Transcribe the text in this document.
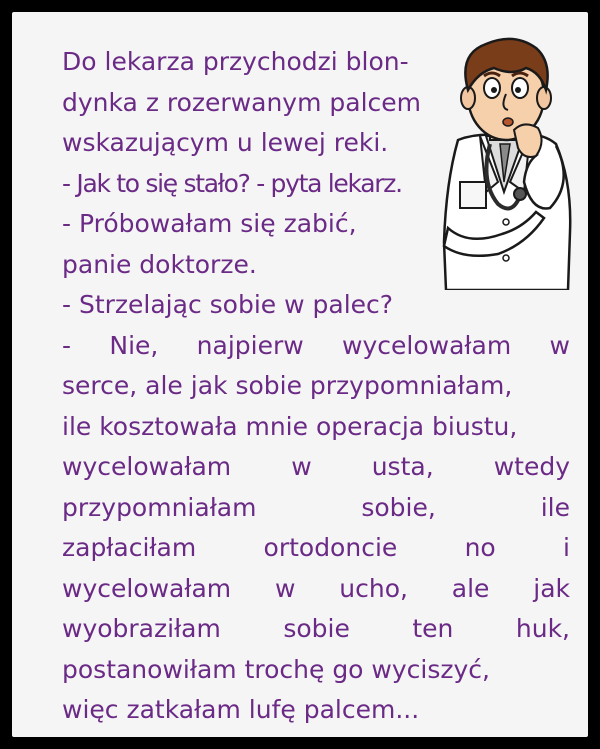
Do lekarza przychodzi blon-
dynka z rozerwanym palcem
wskazującym u lewej reki.
- Jak to się stało? - pyta lekarz.
- Próbowałam się zabić,
panie doktorze.
- Strzelając sobie w palec?
- Nie, najpierw wycelowałam w
serce, ale jak sobie przypomniałam,
ile kosztowała mnie operacja biustu,
wycelowałam w usta, wtedy
przypomniałam sobie, ile
zapłaciłam ortodoncie no i
wycelowałam w ucho, ale jak
wyobraziłam sobie ten huk,
postanowiłam trochę go wyciszyć,
więc zatkałam lufę palcem...
